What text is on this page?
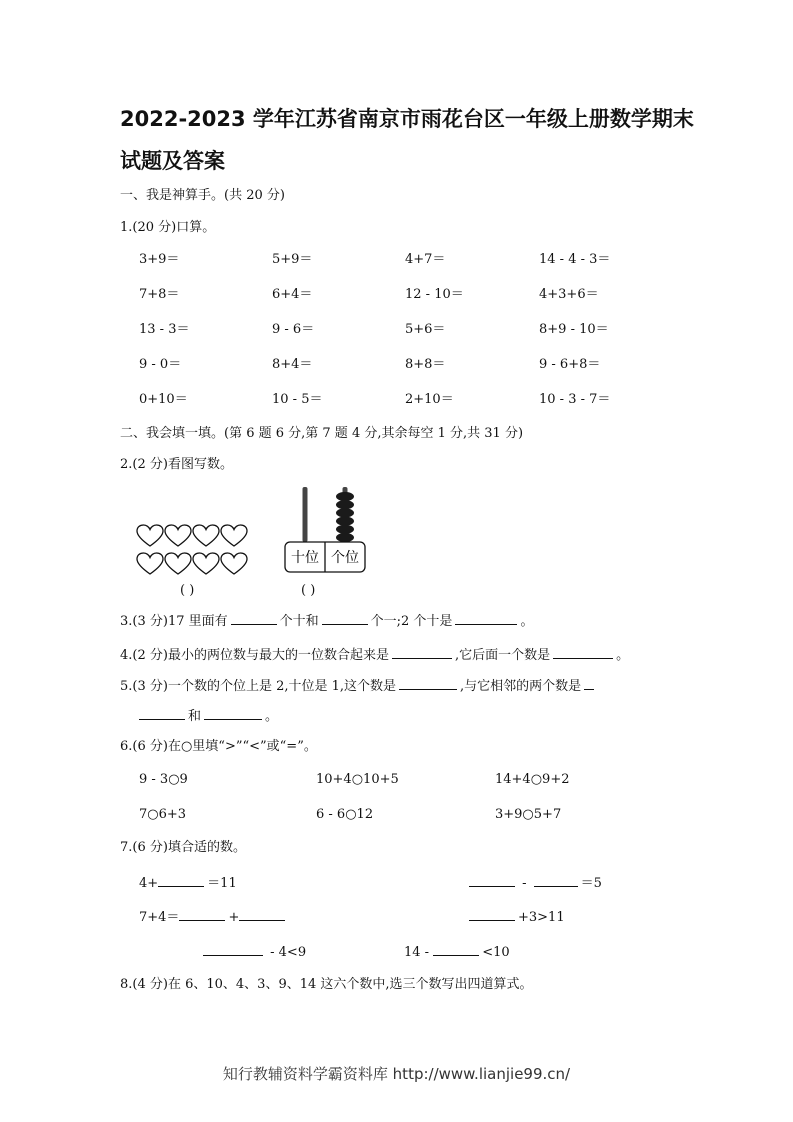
2022-2023 学年江苏省南京市雨花台区一年级上册数学期末
试题及答案
一、我是神算手。(共 20 分)
1.(20 分)口算。
3+9＝	5+9＝	4+7＝	14 - 4 - 3＝
7+8＝	6+4＝	12 - 10＝	4+3+6＝
13 - 3＝	9 - 6＝	5+6＝	8+9 - 10＝
9 - 0＝	8+4＝	8+8＝	9 - 6+8＝
0+10＝	10 - 5＝	2+10＝	10 - 3 - 7＝
二、我会填一填。(第 6 题 6 分,第 7 题 4 分,其余每空 1 分,共 31 分)
2.(2 分)看图写数。
十位 个位
( )	( )
3.(3 分)17 里面有	个十和	个一;2 个十是	。
4.(2 分)最小的两位数与最大的一位数合起来是	,它后面一个数是	。
5.(3 分)一个数的个位上是 2,十位是 1,这个数是	,与它相邻的两个数是
和	。
6.(6 分)在○里填“>”“<”或“=”。
9 - 3○9	10+4○10+5	14+4○9+2
7○6+3	6 - 6○12	3+9○5+7
7.(6 分)填合适的数。
4+	＝11	-	＝5
7+4＝	+	+3>11
- 4<9	14 -	<10
8.(4 分)在 6、10、4、3、9、14 这六个数中,选三个数写出四道算式。
知行教辅资料学霸资料库 http://www.lianjie99.cn/
